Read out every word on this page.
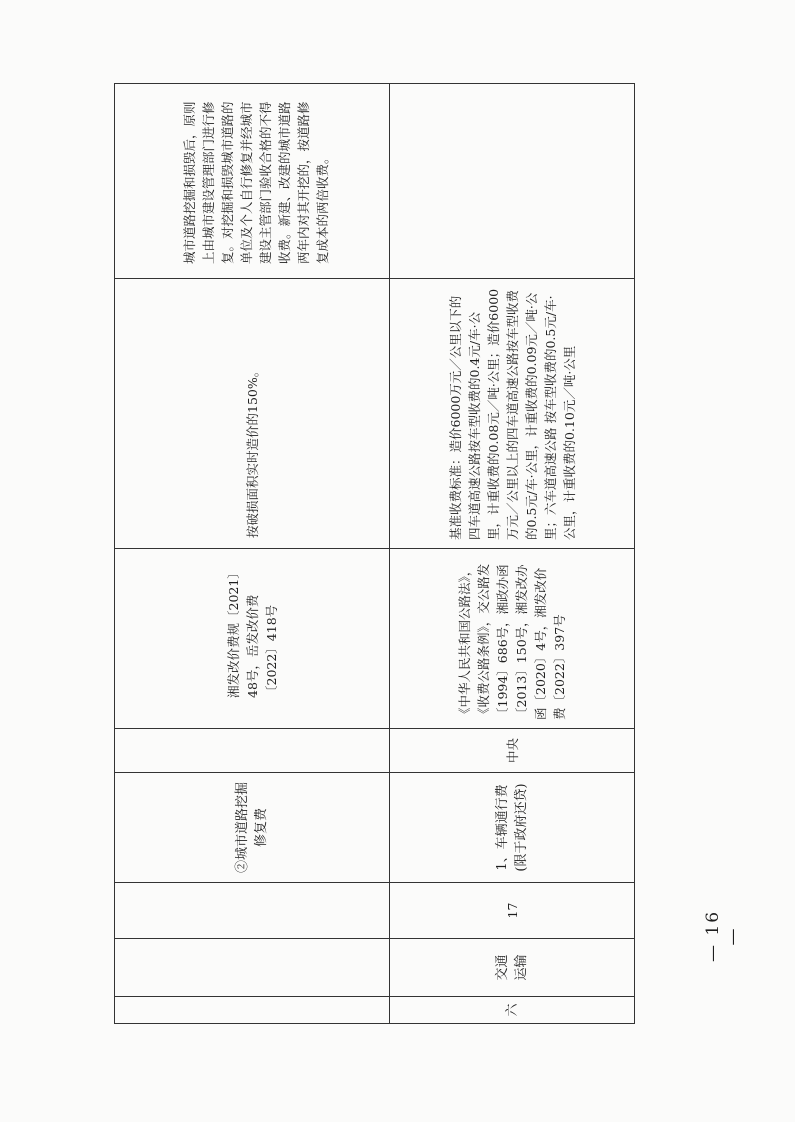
			②城市道路挖掘修复费		湘发改价费规〔2021〕48号，岳发改价费〔2022〕418号	按破损面积实时造价的150%。	城市道路挖掘和损毁后，原则上由城市建设管理部门进行修复。对挖掘和损毁城市道路的单位及个人自行修复并经城市建设主管部门验收合格的不得收费。新建、改建的城市道路两年内对其开挖的，按道路修复成本的两倍收费。
六	交通运输	17	1、车辆通行费(限于政府还贷)	中央	《中华人民共和国公路法》，《收费公路条例》，交公路发〔1994〕686号，湘政办函〔2013〕150号，湘发改办函〔2020〕4号，湘发改价费〔2022〕397号	基准收费标准：造价6000万元／公里以下的四车道高速公路按车型收费的0.4元/车·公里，计重收费的0.08元／吨·公里；造价6000万元／公里以上的四车道高速公路按车型收费的0.5元/车·公里，计重收费的0.09元／吨·公里；六车道高速公路 按车型收费的0.5元/车·公里，计重收费的0.10元／吨·公里	
— 16 —
